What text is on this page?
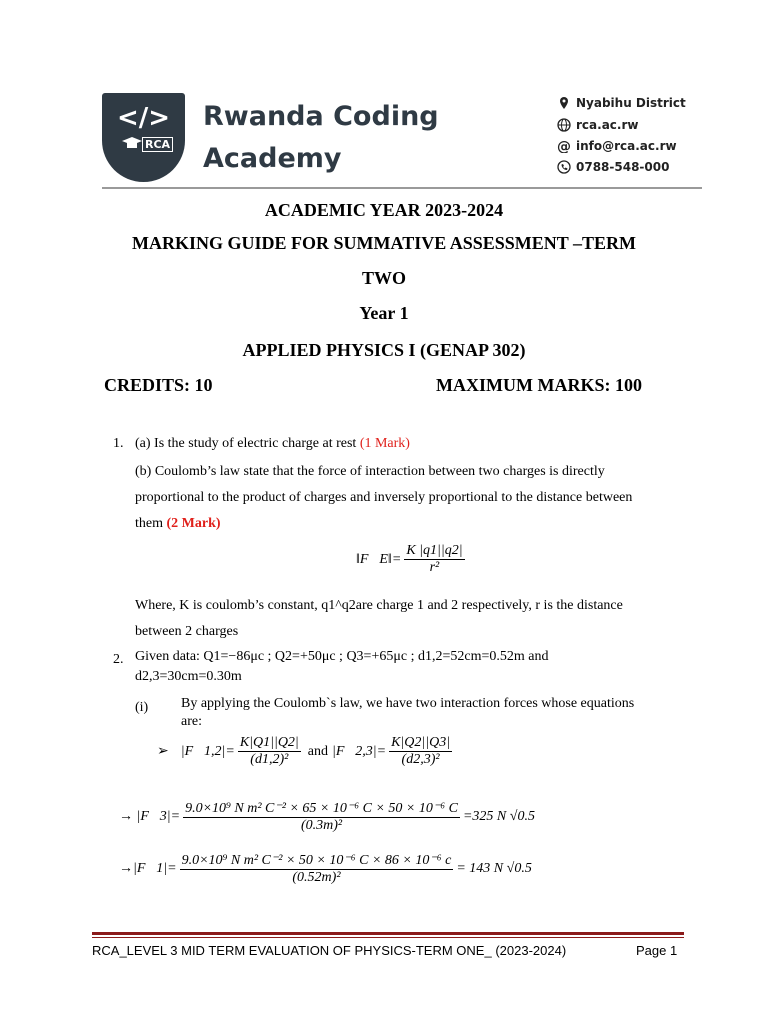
</>
RCA
Rwanda Coding
Academy
Nyabihu District
rca.ac.rw
@ info@rca.ac.rw
0788-548-000
ACADEMIC YEAR 2023-2024
MARKING GUIDE FOR SUMMATIVE ASSESSMENT –TERM
TWO
Year 1
APPLIED PHYSICS I (GENAP 302)
CREDITS: 10	MAXIMUM MARKS: 100
1. (a) Is the study of electric charge at rest (1 Mark)
(b) Coulomb’s law state that the force of interaction between two charges is directly
proportional to the product of charges and inversely proportional to the distance between
them (2 Mark)
‖F⃗E‖= $\frac{K |q1||q2|}{\text{r²}}$
Where, K is coulomb’s constant, q1^q2are charge 1 and 2 respectively, r is the distance
between 2 charges
2. Given data: Q1=−86μc ; Q2=+50μc ; Q3=+65μc ; d1,2=52cm=0.52m and
d2,3=30cm=0.30m
(i) By applying the Coulomb`s law, we have two interaction forces whose equations
are:
➢ |F⃗1,2|= $\frac{K|Q1||Q2|}{\text{(d1,2)²}}$ and |F⃗2,3|= $\frac{K|Q2||Q3|}{\text{(d2,3)²}}$
→ |F⃗3|= $\frac{\text{9.0×10⁹ N m² C⁻² × 65 × 10⁻⁶ C × 50 × 10⁻⁶ C}}{\text{(0.3m)²}} =325$ N √0.5
→|F⃗1|= $\frac{\text{9.0×10⁹ N m² C⁻² × 50 × 10⁻⁶ C × 86 × 10⁻⁶ c}}{\text{(0.52m)²}} = 143$ N √0.5
RCA_LEVEL 3 MID TERM EVALUATION OF PHYSICS-TERM ONE_ (2023-2024)	Page 1
